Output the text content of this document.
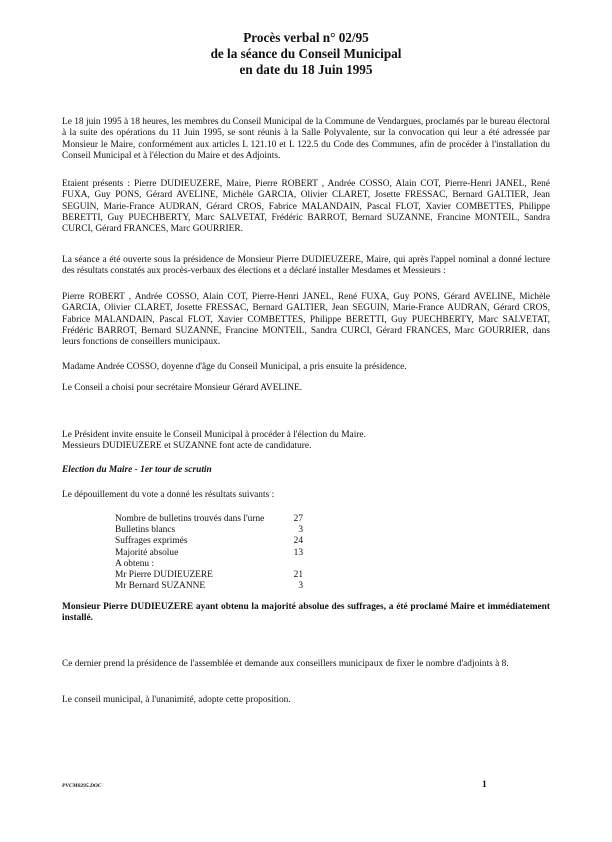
Procès verbal n° 02/95
de la séance du Conseil Municipal
en date du 18 Juin 1995

Le 18 juin 1995 à 18 heures, les membres du Conseil Municipal de la Commune de Vendargues, proclamés par le bureau électoral à la suite des opérations du 11 Juin 1995, se sont réunis à la Salle Polyvalente, sur la convocation qui leur a été adressée par Monsieur le Maire, conformément aux articles L 121.10 et L 122.5 du Code des Communes, afin de procéder à l'installation du Conseil Municipal et à l'élection du Maire et des Adjoints.

Etaient présents : Pierre DUDIEUZERE, Maire, Pierre ROBERT , Andrée COSSO, Alain COT, Pierre-Henri JANEL, René FUXA, Guy PONS, Gérard AVELINE, Michèle GARCIA, Olivier CLARET, Josette FRESSAC, Bernard GALTIER, Jean SEGUIN, Marie-France AUDRAN, Gérard CROS, Fabrice MALANDAIN, Pascal FLOT, Xavier COMBETTES, Philippe BERETTI, Guy PUECHBERTY, Marc SALVETAT, Frédéric BARROT, Bernard SUZANNE, Francine MONTEIL, Sandra CURCI, Gérard FRANCES, Marc GOURRIER.

La séance a été ouverte sous la présidence de Monsieur Pierre DUDIEUZERE, Maire, qui après l'appel nominal a donné lecture des résultats constatés aux procès-verbaux des élections et a déclaré installer Mesdames et Messieurs :

Pierre ROBERT , Andrée COSSO, Alain COT, Pierre-Henri JANEL, René FUXA, Guy PONS, Gérard AVELINE, Michèle GARCIA, Olivier CLARET, Josette FRESSAC, Bernard GALTIER, Jean SEGUIN, Marie-France AUDRAN, Gérard CROS, Fabrice MALANDAIN, Pascal FLOT, Xavier COMBETTES, Philippe BERETTI, Guy PUECHBERTY, Marc SALVETAT, Frédéric BARROT, Bernard SUZANNE, Francine MONTEIL, Sandra CURCI, Gérard FRANCES, Marc GOURRIER, dans leurs fonctions de conseillers municipaux.

Madame Andrée COSSO, doyenne d'âge du Conseil Municipal, a pris ensuite la présidence.

Le Conseil a choisi pour secrétaire Monsieur Gérard AVELINE.

Le Président invite ensuite le Conseil Municipal à procéder à l'élection du Maire.

Messieurs DUDIEUZERE et SUZANNE font acte de candidature.

Election du Maire - 1er tour de scrutin

Le dépouillement du vote a donné les résultats suivants :

Nombre de bulletins trouvés dans l'urne	27
Bulletins blancs	3
Suffrages exprimés	24
Majorité absolue	13
A obtenu :	
Mr Pierre DUDIEUZERE	21
Mr Bernard SUZANNE	3

Monsieur Pierre DUDIEUZERE ayant obtenu la majorité absolue des suffrages, a été proclamé Maire et immédiatement installé.

Ce dernier prend la présidence de l'assemblée et demande aux conseillers municipaux de fixer le nombre d'adjoints à 8.

Le conseil municipal, à l'unanimité, adopte cette proposition.

PVCM0295.DOC	1
